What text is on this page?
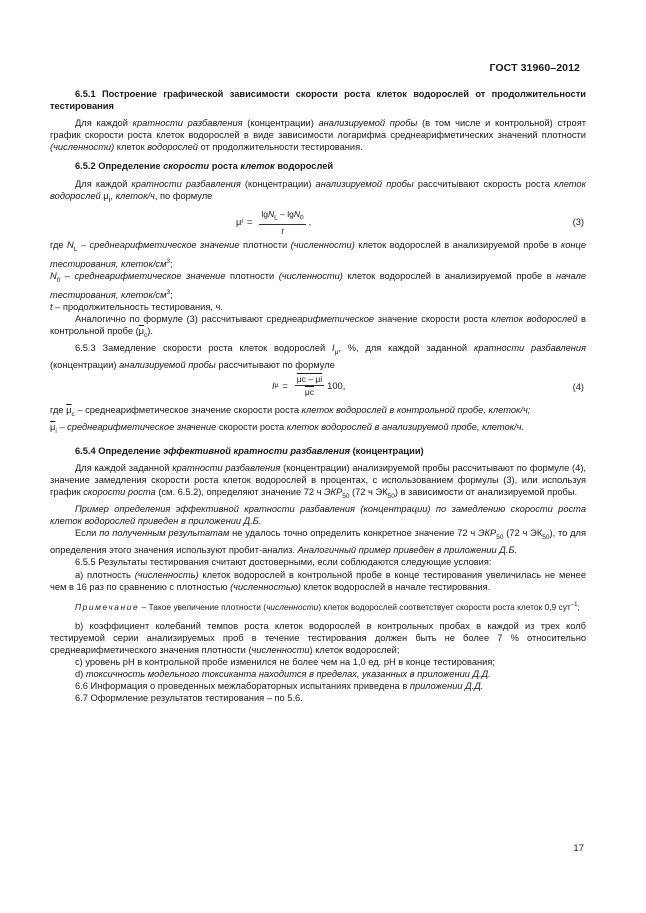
ГОСТ 31960–2012

6.5.1 Построение графической зависимости скорости роста клеток водорослей от продолжительности тестирования

Для каждой кратности разбавления (концентрации) анализируемой пробы (в том числе и контрольной) строят график скорости роста клеток водорослей в виде зависимости логарифма среднеарифметических значений плотности (численности) клеток водорослей от продолжительности тестирования.

6.5.2 Определение скорости роста клеток водорослей

Для каждой кратности разбавления (концентрации) анализируемой пробы рассчитывают скорость роста клеток водорослей $\mu_i$, клеток/ч, по формуле

μ $i = \frac{\lg N_L - \lg N_0}{t}$ ,	(3)

где $N_L$ – среднеарифметическое значение плотности (численности) клеток водорослей в анализируемой пробе в конце тестирования, клеток/$см^3$;

$N_0$ – среднеарифметическое значение плотности (численности) клеток водорослей в анализируемой пробе в начале тестирования, клеток/$см^3$;

t – продолжительность тестирования, ч.

Аналогично по формуле (3) рассчитывают среднеарифметическое значение скорости роста клеток водорослей в контрольной пробе $(\overline{\mu}_c)$.

6.5.3 Замедление скорости роста клеток водорослей $I_\mu$, %, для каждой заданной кратности разбавления (концентрации) анализируемой пробы рассчитывают по формуле

I $\mu = \frac{\mu c - \mu i}{\mu c} 100$ ,	(4)

где $\overline{\mu}_c$ – среднеарифметическое значение скорости роста клеток водорослей в контрольной пробе, клеток/ч;

$\overline{\mu}_i$ – среднеарифметическое значение скорости роста клеток водорослей в анализируемой пробе, клеток/ч.

6.5.4 Определение эффективной кратности разбавления (концентрации)

Для каждой заданной кратности разбавления (концентрации) анализируемой пробы рассчитывают по формуле (4), значение замедления скорости роста клеток водорослей в процентах, с использованием формулы (3), или используя график скорости роста (см. 6.5.2), определяют значение 72 ч $ЭКР_{50}$ (72 ч $ЭК_{50}$) в зависимости от анализируемой пробы.

Пример определения эффективной кратности разбавления (концентрации) по замедлению скорости роста клеток водорослей приведен в приложении Д.Б.

Если по полученным результатам не удалось точно определить конкретное значение 72 ч $ЭКР_{50}$ (72 ч $ЭК_{50}$), то для определения этого значения используют пробит-анализ. Аналогичный пример приведен в приложении Д.Б.

6.5.5 Результаты тестирования считают достоверными, если соблюдаются следующие условия:

а) плотность (численность) клеток водорослей в контрольной пробе в конце тестирования увеличилась не менее чем в 16 раз по сравнению с плотностью (численностью) клеток водорослей в начале тестирования.

Примечание – Такое увеличение плотности (численности) клеток водорослей соответствует скорости роста клеток 0,9 сут$^{-1}$;

b) коэффициент колебаний темпов роста клеток водорослей в контрольных пробах в каждой из трех колб тестируемой серии анализируемых проб в течение тестирования должен быть не более 7 % относительно среднеарифметического значения плотности (численности) клеток водорослей;

с) уровень рН в контрольной пробе изменился не более чем на 1,0 ед. рН в конце тестирования;

d) токсичность модельного токсиканта находится в пределах, указанных в приложении Д.Д.

6.6 Информация о проведенных межлабораторных испытаниях приведена в приложении Д.Д.

6.7 Оформление результатов тестирования – по 5.6.

17
